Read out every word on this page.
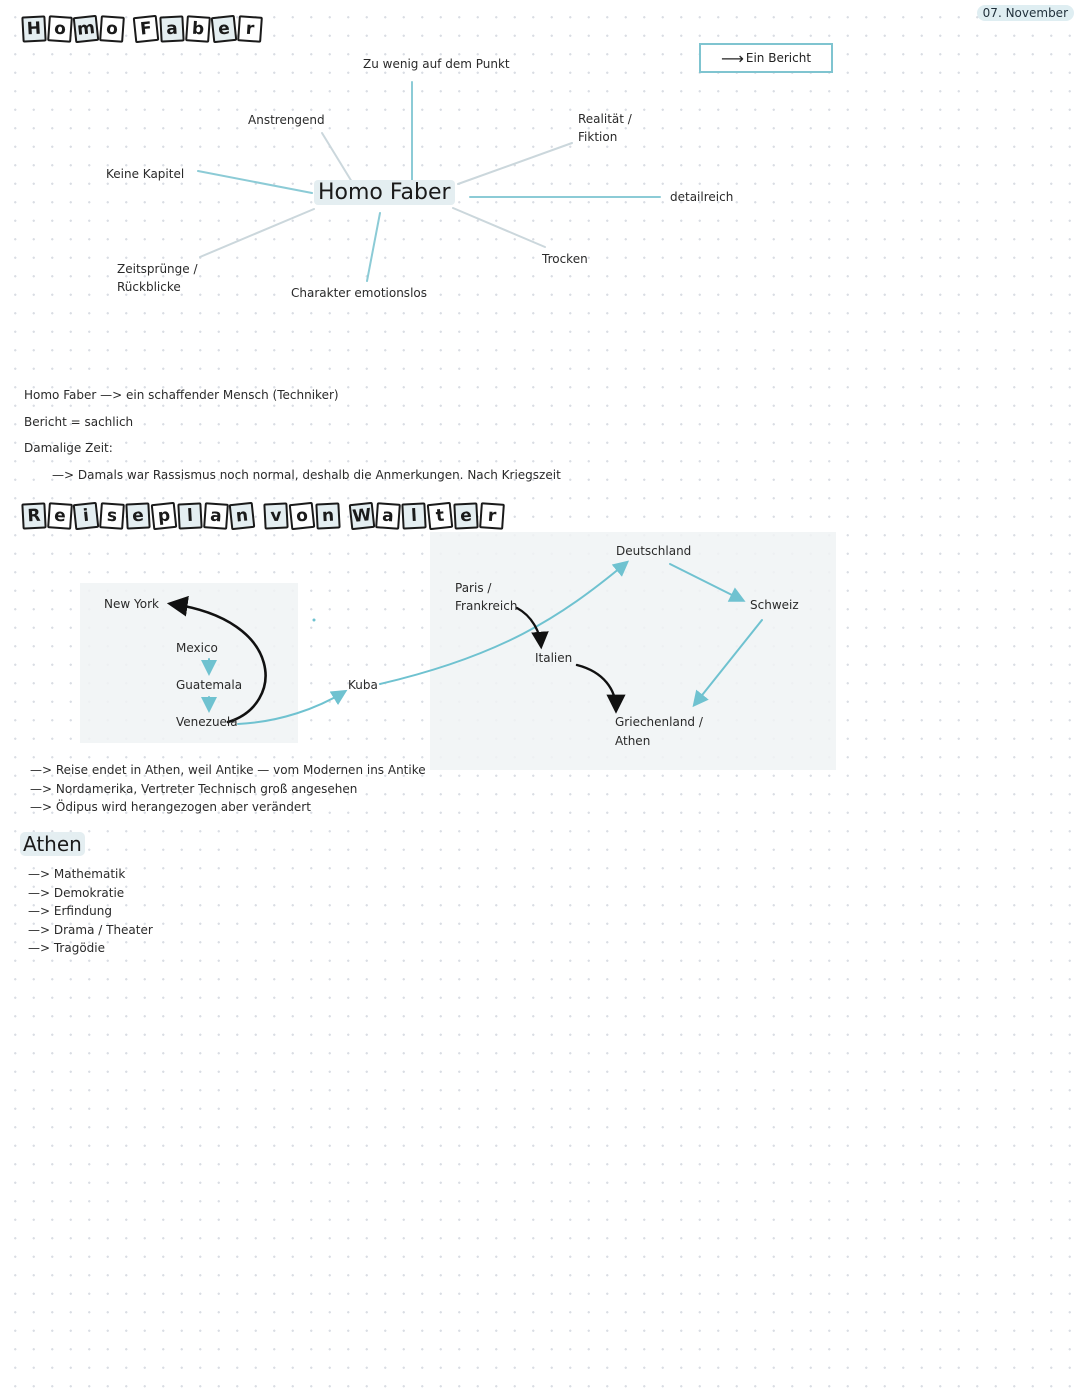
07. November
H o m o	F a b e r
⟶ Ein Bericht
Homo Faber
Zu wenig auf dem Punkt
Anstrengend	Realität /
Fiktion
Keine Kapitel
detailreich
Zeitsprünge /
Rückblicke
Trocken
Charakter emotionslos
Homo Faber —> ein schaffender Mensch (Techniker)
Bericht = sachlich
Damalige Zeit:
—> Damals war Rassismus noch normal, deshalb die Anmerkungen. Nach Kriegszeit
R e i s e p l a n	v o n	W a l	t e r
New York
Mexico
Guatemala
Venezuela
Kuba
Paris /
Frankreich
Deutschland
Italien
Schweiz
Griechenland /
Athen
—> Reise endet in Athen, weil Antike — vom Modernen ins Antike
—> Nordamerika, Vertreter Technisch groß angesehen
—> Ödipus wird herangezogen aber verändert
Athen
—> Mathematik
—> Demokratie
—> Erfindung
—> Drama / Theater
—> Tragödie
